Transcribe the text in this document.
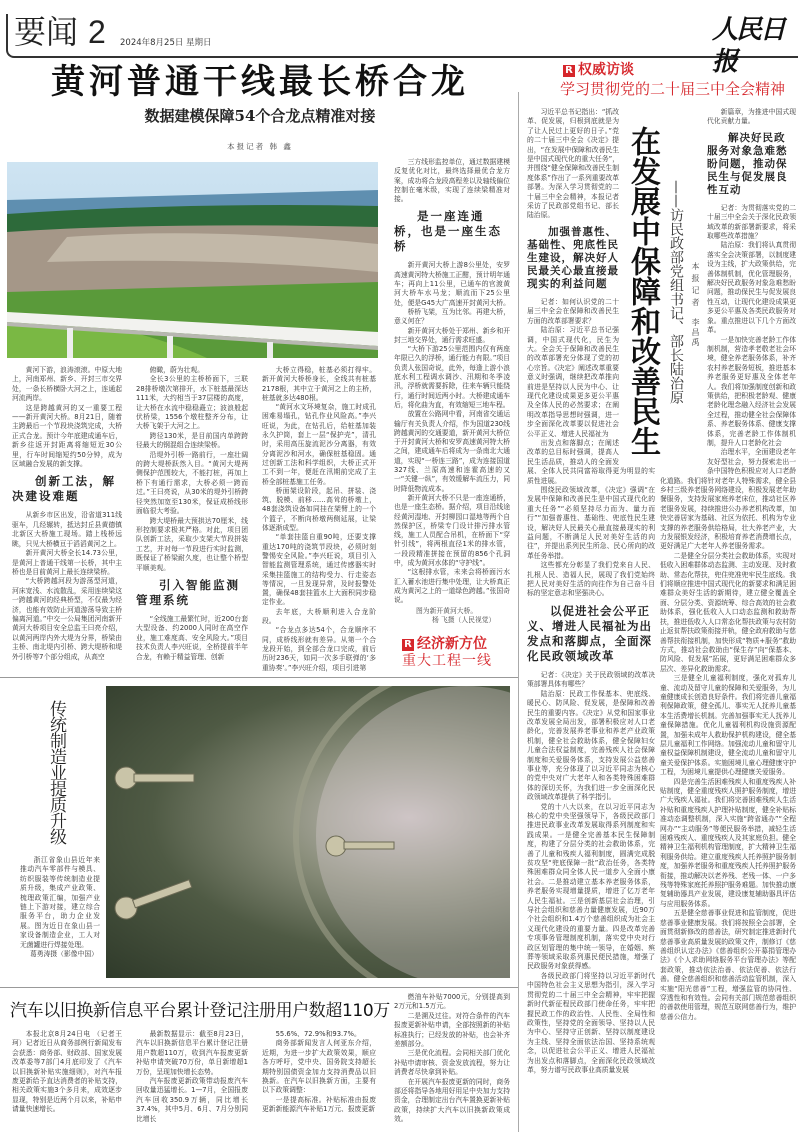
要闻 2 2024年8月25日 星期日	人民日报
黄河普通干线最长桥合龙
数据建模保障54个合龙点精准对接
本报记者 韩 鑫

黄河下游，浪涛滚滚。中原大地上，河南郑州、新乡、开封三市交界处，一条长桥横卧大河之上，连通起河流两岸。

这是跨越黄河的又一重要工程——新开黄河大桥。8月21日，随着主跨最后一个节段块浇筑完成，大桥正式合龙。预计今年底建成通车后，新乡往返开封距离将缩短近30公里，行车时间缩短约50分钟，成为区域融合发展的新支撑。

创新工法，解决建设难题

从新乡市区出发，沿省道311线驱车，几经辗转，抵达封丘县黄德镇北新区大桥施工现场。踏上栈桥远眺，只见大桥横亘于滔滔黄河之上。

新开黄河大桥全长14.73公里，是黄河上普通干线第一长桥，其中主桥也是目前黄河上最长连续梁桥。

“大桥跨越河段为游荡型河道，河床宽浅、水流散乱，采用连续梁这一跨越黄河的经典桥型，不仅最为经济，也能有效防止河道游荡导致主桥偏离河道。”中交一公局集团河南新开黄河大桥项目安全总监王曰亮介绍，以黄河两岸内外大堤为分界，桥梁由主桥、南北堤内引桥、跨大堤桥和堤外引桥等7个部分组成，从高空

俯瞰，蔚为壮观。

全长3公里的主桥桥面下，三联28排桥墩次第排开，水下桩基最深达111米，大约相当于37层楼的高度，让大桥在水流中稳稳矗立；波浪般起伏桥梁，1556个墩柱整齐分布，让大桥飞架于大河之上。

跨径130米，是目前国内单跨跨径最大的钢混组合连续梁桥。

沿堤外引桥一路前行，一座壮阔的跨大堤桥跃然入目。“黄河大堤两侧保护范围较大，不能打桩，再加上桥下有通行需求，大桥必须一跨而过。”王曰亮说，从30米的堤外引桥跨径突然加宽至130米，保证成桥线形面临很大考验。

跨大堤桥最大预拱达70厘米，线形控制要求极其严格。对此，项目团队创新工法，采取少支架大节段拼装工艺，并对每一节段进行实时监测，既保证了桥梁耐久度，也让整个桥型平顺美观。

引入智能监测管理系统

“全线施工最繁忙时，近200台套大型设备、约2000人同时在高空作业，施工难度高、安全风险大。”项目技术负责人李兴旺说，全桥提前半年合龙，有赖于精益管理、创新

大桥立得稳，桩基必须打得牢。新开黄河大桥桥身长，全线共有桩基2178根，其中立于黄河之上的主桥，桩基就多达480根。

“黄河水文环境复杂，施工时成孔困难易塌孔，钻孔作业风险高。”李兴旺说，为此，在钻孔后，给桩基加装永久护筒，套上一层“保护壳”，清孔时，采用高压旋流泥沙分离器，有效分离泥沙和河水，确保桩基稳固。通过创新工法和科学组织，大桥正式开工不到一年，便赶在汛期前完成了主桥全部桩基施工任务。

桥面架设阶段，起吊、拼装、浇筑、脱模、前移……高耸的桥墩上，48套浇筑设备如同挂在架臂上的一个个篮子，不断向桥墩两侧延展，让梁体逐渐成型。

“单套挂篮自重90吨，还要支撑重达170吨的浇筑节段块，必须时刻警惕安全风险。”李兴旺说，项目引入智能监测管理系统，通过传感器实时采集挂篮施工的结构受力、行走姿态等情况，一旦发现异常，及时报警处置，确保48套挂篮水上大面积同步稳定作业。

去年底，大桥顺利进入合龙阶段。

“合龙点多达54个，合龙顺序不同，成桥线形就有差异。从第一个合龙段开始，到全部合龙口完成，前后历时236天，如同一次多手联弹的‘多重协奏’。”李兴旺介绍，项目引进第

三方线形监控单位，通过数据建模反复优化对比，最终选择最优合龙方案，成功将合龙段高程差以及轴线偏位控制在毫米级，实现了连续梁精准对接。

是一座连通桥，也是一座生态桥

新开黄河大桥上游8公里处，安罗高速黄河特大桥施工正酣，预计明年通车；再向上11公里，已通车的官渡黄河大桥车水马龙；顺流而下25公里处，便是G45大广高速开封黄河大桥。

桥桥飞架，互为比邻。再建大桥，意义何在？

新开黄河大桥处于郑州、新乡和开封三地交界处，通行需求旺盛。

“大桥下游25公里范围内仅有两座年限已久的浮桥，通行能力有限。”项目负责人张国奇说，此外，每逢上游小浪底水利工程调水调沙、汛期和冬季凌汛，浮桥就需要拆除，往来车辆只能绕行，通行时间近两小时。大桥建成通车后，将化曲为直，有效缩短三地车程。

放置在公路网中看，河南省交通运输厅有关负责人介绍，作为国道230线跨越黄河的交通要道，新开黄河大桥位于开封黄河大桥和安罗高速黄河特大桥之间，建成通车后将成为一条南北大通道，实现“一桥连三路”，成为连接国道327线、兰原高速和连霍高速的又一“关键一纵”，有效缓解车流压力，同时降低物流成本。

新开黄河大桥不只是一座连通桥，也是一座生态桥。据介绍，项目沿线途经黄河湿地、开封柳园口湿地等两个自然保护区，桥梁专门设计排污排水管线，施工人员配合吊机，在桥面下“穿针引线”，将两根直径1米的排水管，一段段精准拼接在预留的856个孔洞中，成为黄河水体的“守护线”。

“这根排水管，未来会将桥面污水汇入蓄水池进行集中处理，让大桥真正成为黄河之上的一道绿色跨越。”张国奇说。

图为新开黄河大桥。
杨 飞摄（人民视觉）
R 经济新方位
重大工程一线
传统制造业提质升级

浙江省象山县近年来推动汽车零部件与模具、纺织服装等传统制造业提质升级，集成产业政策、梳理政策汇编，加强产业链上下游对接，建立综合服务平台，助力企业发展。图为近日在象山县一家设备制造企业，工人对无菌罐进行焊接处理。

葛勇涛摄（影像中国）
汽车以旧换新信息平台累计登记注册用户数超110万

本报北京8月24日电 （记者王珂）记者近日从商务部例行新闻发布会获悉：商务部、财政部、国家发展改革委等7部门4月底印发了《汽车以旧换新补贴实施细则》，对汽车报废更新给予直达消费者的补贴支持，相关政策实施3个多月来，成效逐步显现，特别是近两个月以来，补贴申请量快速增长。

最新数据显示：截至8月23日，汽车以旧换新信息平台累计登记注册用户数超110万，收到汽车报废更新补贴申请突破70万份，单日新增超1万份，呈现加快增长态势。

汽车报废更新政策带动报废汽车回收量迅猛增长。1—7月，全国报废汽车回收350.9万辆，同比增长37.4%，其中5月、6月、7月分别同比增长

55.6%、72.9%和93.7%。

商务部新闻发言人何亚东介绍，近期，为进一步扩大政策效果，顺应各方呼吁，党中央、国务院支持超长期特别国债资金加力支持消费品以旧换新。在汽车以旧换新方面，主要有以下政策调整：

一是提高标准。补贴标准由报废更新新能源汽车补贴1万元、报废更新

燃油车补贴7000元，分别提高到2万元和1.5万元。

二是溯及过往。对符合条件的汽车报废更新补贴申请，全部按照新的补贴标准执行；已经发放的补贴，也会补齐差额部分。

三是优化流程。会同相关部门优化补贴申请审核、资金发放流程，努力让消费者尽快拿到补贴。

在开展汽车报废更新的同时，商务部还将指导各地用好用足中央加力支持资金，合理制定出台汽车置换更新补贴政策，持续扩大汽车以旧换新政策成效。

R 权威访谈
学习贯彻党的二十届三中全会精神
在发展中保障和改善民生 ——访民政部党组书记、部长陆治原 本报记者
李昌禹

习近平总书记指出：“抓改革、促发展，归根到底就是为了让人民过上更好的日子。”党的二十届三中全会《决定》提出，“在发展中保障和改善民生是中国式现代化的重大任务”，并围绕“健全保障和改善民生制度体系”作出了一系列重要改革部署。为深入学习贯彻党的二十届三中全会精神，本报记者采访了民政部党组书记、部长陆治原。

加强普惠性、基础性、兜底性民生建设，解决好人民最关心最直接最现实的利益问题

记者：如何认识党的二十届三中全会在保障和改善民生方面的改革部署要求？

陆治原：习近平总书记强调，中国式现代化，民生为大。全会关于保障和改善民生的改革部署充分体现了党的初心宗旨。《决定》阐述改革重要意义时强调，继续把改革推向前进是坚持以人民为中心、让现代化建设成果更多更公平惠及全体人民的必然要求；在阐明改革指导思想时强调，进一步全面深化改革要以促进社会公平正义、增进人民福祉为

出发点和落脚点；在阐述改革的总目标时强调，提高人民生活品质，推动人的全面发展、全体人民共同富裕取得更为明显的实质性进展。

围绕民政领域改革，《决定》强调“在发展中保障和改善民生是中国式现代化的重大任务”“必须坚持尽力而为、量力而行”“加强普惠性、基础性、兜底性民生建设，解决好人民最关心最直接最现实的利益问题，不断满足人民对美好生活的向往”，并提出系列民生所急、民心所向的改革任务举措。

这些都充分彰显了我们党来自人民、扎根人民、造福人民，展现了我们党始终把人民对美好生活的向往作为自己奋斗目标的坚定意志和坚强决心。

以促进社会公平正义、增进人民福祉为出发点和落脚点，全面深化民政领域改革

记者：《决定》关于民政领域的改革决策部署具体有哪些？

陆治原：民政工作保基本、兜底线、暖民心、防风险、促发展，是保障和改善民生的重要内容。《决定》从党和国家事业改革发展全局出发，部署积极应对人口老龄化，完善发展养老事业和养老产业政策机制，健全社会救助体系，健全保障妇女儿童合法权益制度，完善残疾人社会保障制度和关爱服务体系，支持发展公益慈善事业等，充分体现了以习近平同志为核心的党中央对广大老年人和各类特殊困难群体的深切关怀，为我们进一步全面深化民政领域改革提供了科学指引。

党的十八大以来，在以习近平同志为核心的党中央坚强领导下，各级民政部门推进民政事业改革发展取得系列制度和实践成果。一是健全完善基本民生保障制度，构建了分层分类的社会救助体系，完善了儿童和残疾人福利制度，圆满完成脱贫攻坚“兜底保障一批”政治任务，各类特殊困难群众同全体人民一道步入全面小康社会。二是推动建立基本养老服务体系，养老服务实现增量提质，增进了亿万老年人民生福祉。三是创新基层社会治理，引导社会组织和慈善力量健康发展，近90万个社会组织和1.4万个慈善组织成为社会主义现代化建设的重要力量。四是改革完善专项事务管理制度机制，落实党中央对行政区划管理的集中统一领导，在婚姻、殡葬等领域采取系列惠民便民措施，增强了民政服务对象获得感。

各级民政部门将坚持以习近平新时代中国特色社会主义思想为指引，深入学习贯彻党的二十届三中全会精神，牢牢把握新时代新征程民政部门使命任务，牢牢把握民政工作的政治性、人民性、全局性和政策性，坚持党的全面领导、坚持以人民为中心、坚持守正创新、坚持以制度建设为主线、坚持全面依法治国、坚持系统观念，以促进社会公平正义、增进人民福祉为出发点和落脚点，全面深化民政领域改革，努力谱写民政事业高质量发展

新篇章，为推进中国式现代化贡献力量。

解决好民政服务对象急难愁盼问题，推动保民生与促发展良性互动

记者：为贯彻落实党的二十届三中全会关于深化民政领域改革的新部署新要求，将采取哪些改革措施？

陆治原：我们将认真贯彻落实全会决策部署，以制度建设为主线，扩大政策供给，完善体制机制，优化管理服务，解决好民政服务对象急难愁盼问题，推动保民生与促发展良性互动，让现代化建设成果更多更公平惠及各类民政服务对象。重点推进以下几个方面改革。

一是加快完善老龄工作体制机制，营造孝老敬老社会环境，健全养老服务体系，补齐农村养老服务短板，推进基本养老服务更好惠及全体老年人。我们将加强制度创新和政策供给，把积极老龄观、健康老龄化理念融入经济社会发展全过程，推动健全社会保障体系、养老服务体系、健康支撑体系，完善老龄工作体制机制，提升人口老龄化社会

治理水平，全面建设老年友好型社会，努力探索走出一条中国特色积极应对人口老龄化道路。我们将针对老年人特殊需求，健全县乡村三级养老服务网络建设，积极发展老年助餐服务，支持发展家庭养老床位，推动社区养老服务发展，持续推进公办养老机构改革，加快完善居家为基础、社区为依托、机构为专业支撑的养老服务供给格局，壮大养老产业，大力发展银发经济，积极培育养老消费增长点，更好满足广大老年人养老服务需求。

二是健全分层分类社会救助体系，实现对低收入困难群体动态监测、主动发现、及时救助、常态化帮扶，兜住兜准兜牢民生底线。我们将顺应推进中国式现代化的新要求和满足困难群众美好生活的新期待，建立健全覆盖全面、分层分类、资源统筹、综合高效的社会救助体系，强化低收入人口动态监测和救助帮扶，推进低收入人口常态化帮扶政策与农村防止返贫帮扶政策衔接并轨，健全政府救助与慈善帮扶衔接机制，加快形成“物质+服务”救助方式，推动社会救助由“保生存”向“保基本、防风险、促发展”拓展，更好满足困难群众多层次、差异化救助需求。

三是健全儿童福利制度，强化对孤弃儿童、流动及留守儿童的保障和关爱服务，为儿童健康成长创造良好条件。我们将完善儿童福利保障政策，健全孤儿、事实无人抚养儿童基本生活费增长机制。完善加强事实无人抚养儿童保障措施。优化儿童福利机构设施资源配置，加强未成年人救助保护机构建设，健全基层儿童福利工作网络。加强流动儿童和留守儿童权益保障机制建设，健全流动儿童和留守儿童关爱保护体系。实施困境儿童心理健康守护工程，为困境儿童提供心理健康关爱服务。

四是完善生活困难残疾人和重度残疾人补贴制度，健全重度残疾人照护服务制度，增进广大残疾人福祉。我们将完善困难残疾人生活补贴和重度残疾人护理补贴制度，健全补贴标准动态调整机制，深入实施“跨省通办”“全程网办”“主动服务”等便民服务举措，减轻生活困难残疾人、重度残疾人及其家庭负担。健全精神卫生福利机构管理制度，扩大精神卫生福利服务供给。建立重度残疾人托养照护服务制度，加强养老服务和重度残疾人托养照护服务衔接，推动解决以老养残、老残一体、一户多残等特殊家庭托养照护服务难题。加快推动康复辅助器具产业发展，建设康复辅助器具评估与应用服务体系。

五是健全慈善事业促进和监管制度，促进慈善事业健康发展。我们将按照全会部署，全面贯彻新修改的慈善法，研究制定推进新时代慈善事业高质量发展的政策文件，制修订《慈善组织认定办法》《慈善组织公开募捐管理办法》《个人求助网络服务平台管理办法》等配套政策，推动依法治善、依法促善、依法行善。健全慈善组织和慈善活动监管机制，深入实施“阳光慈善”工程，增强监管的协同性、穿透性和有效性。会同有关部门规范慈善组织的善款使用管理，规范互联网慈善行为，维护慈善公信力。
